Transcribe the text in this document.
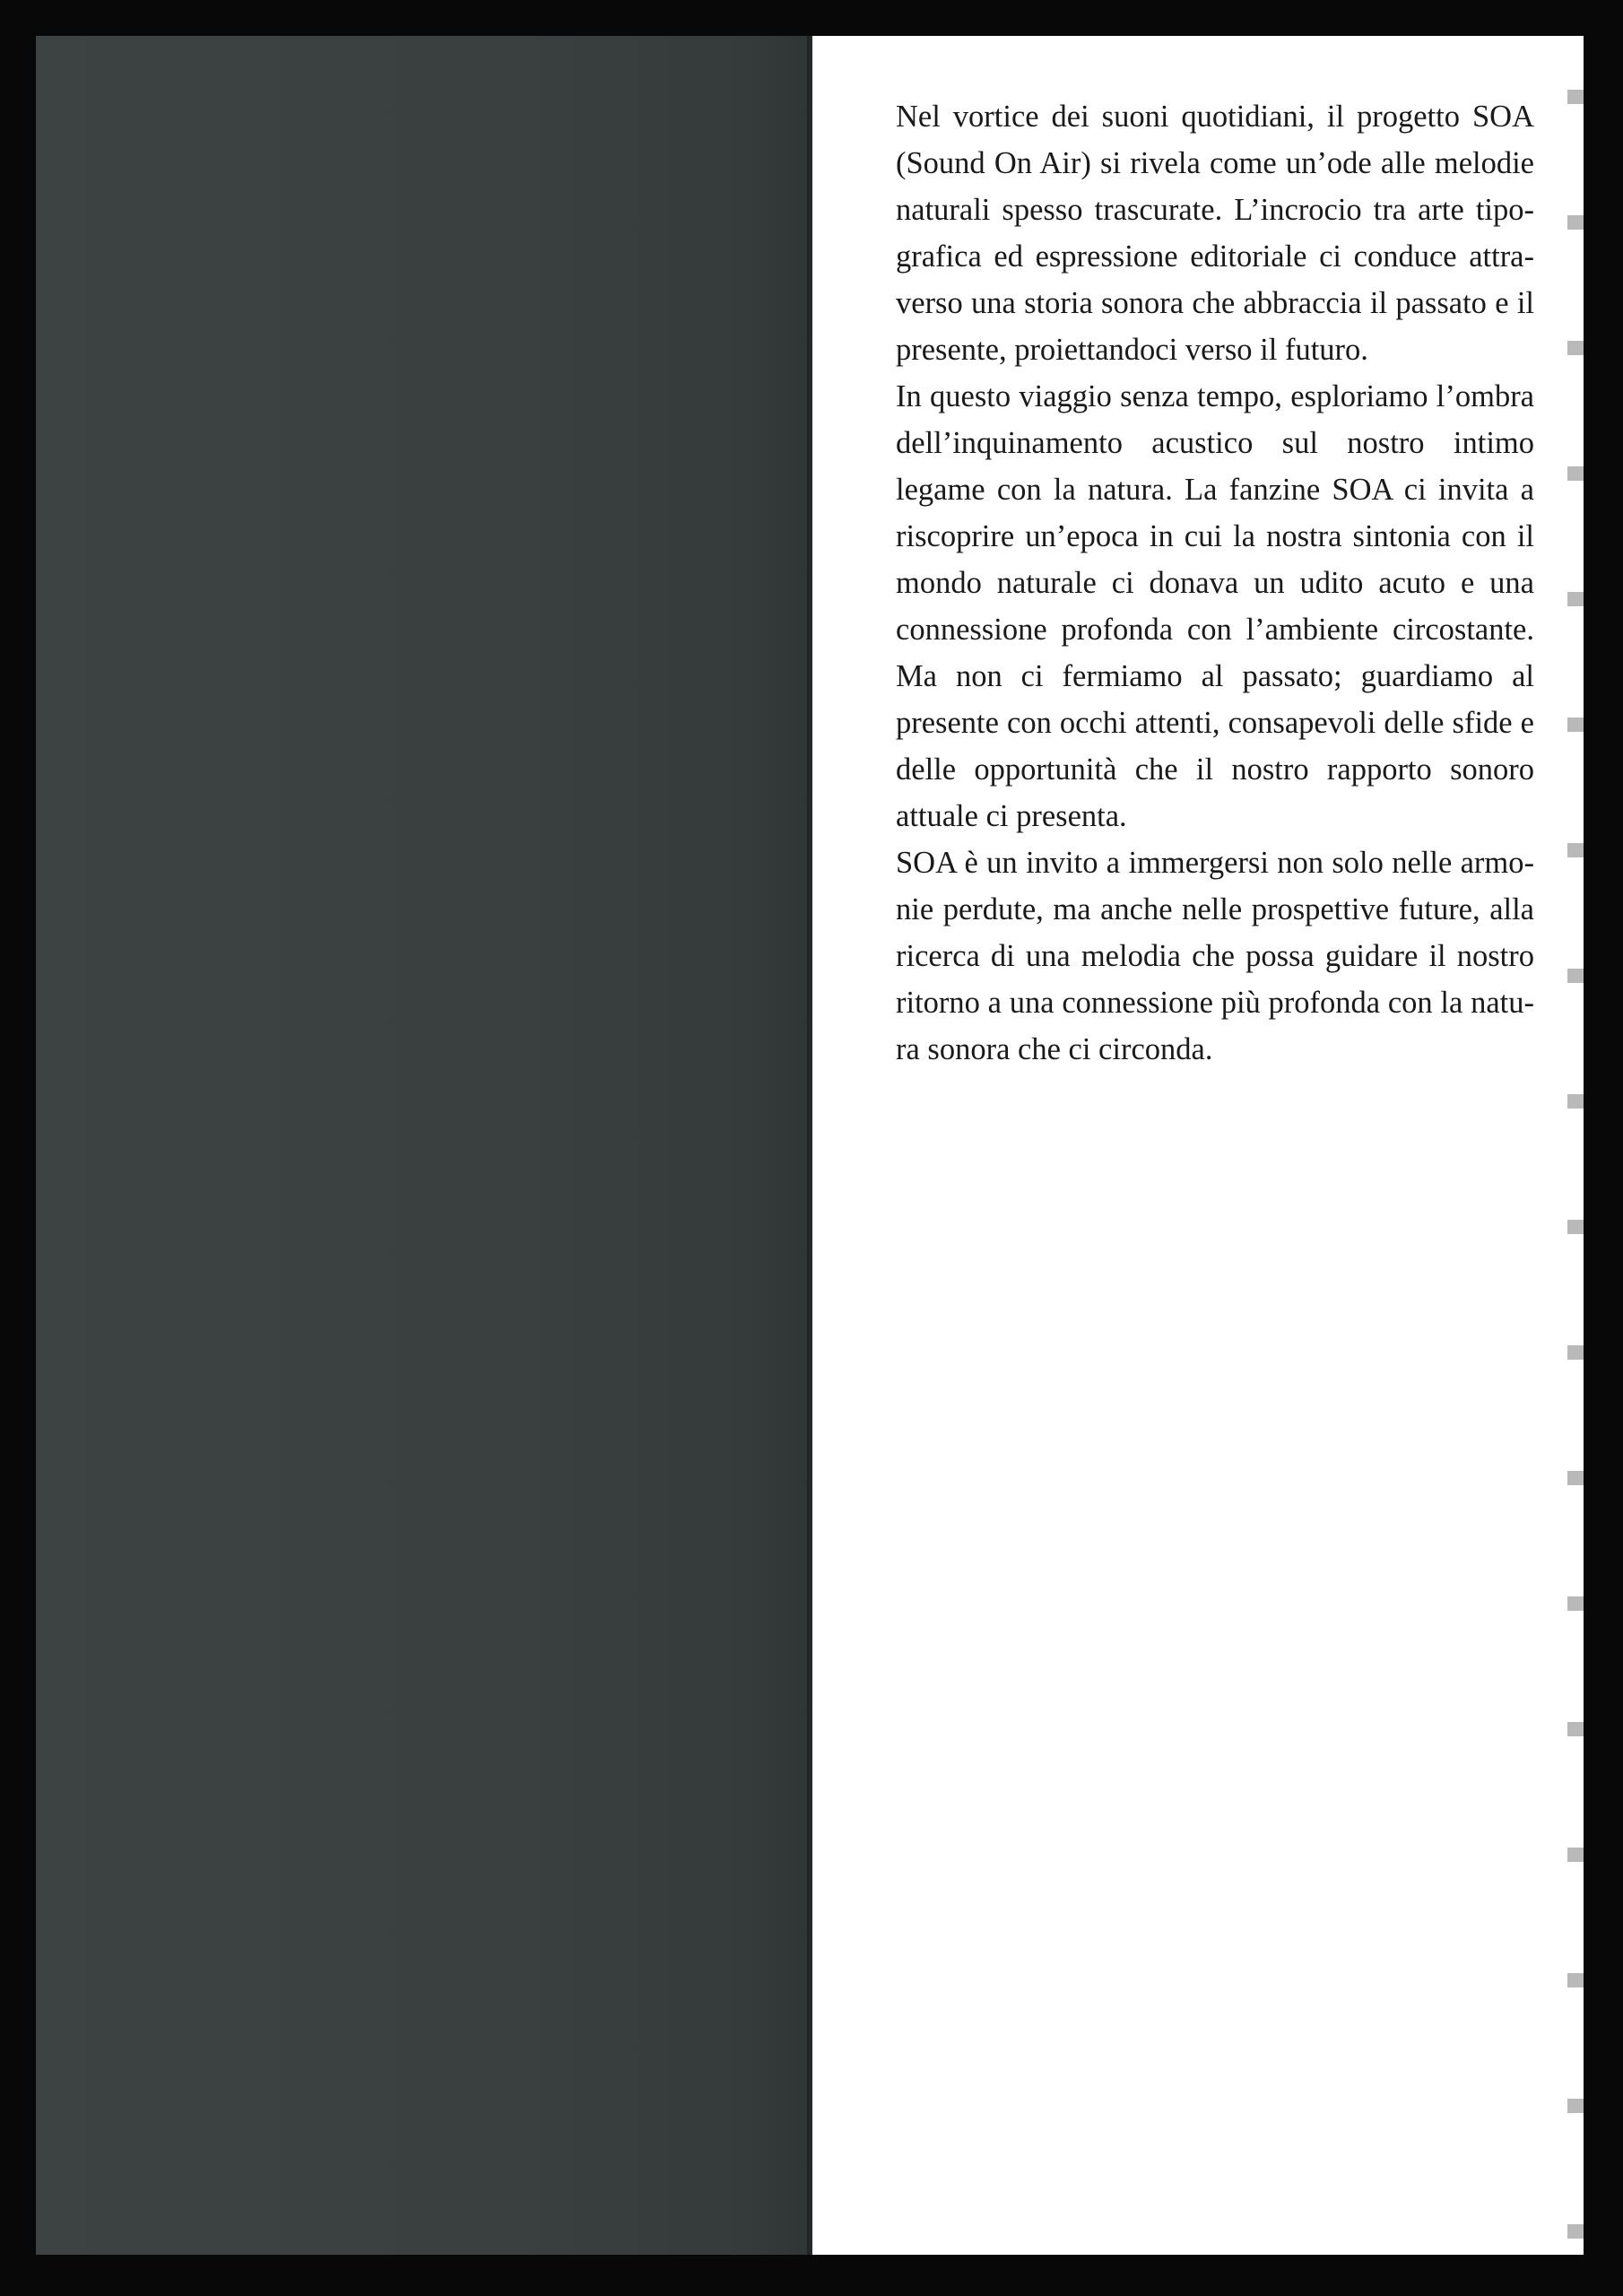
Nel vortice dei suoni quotidiani, il progetto SOA (Sound On Air) si rivela come un’ode alle melodie naturali spesso trascurate. L’incrocio tra arte tipografica ed espressione editoriale ci conduce attraverso una storia sonora che abbraccia il passato e il presente, proiettandoci verso il futuro.

In questo viaggio senza tempo, esploriamo l’ombra dell’inquinamento acustico sul nostro intimo legame con la natura. La fanzine SOA ci invita a riscoprire un’epoca in cui la nostra sintonia con il mondo naturale ci donava un udito acuto e una connessione profonda con l’ambiente circostante. Ma non ci fermiamo al passato; guardiamo al presente con occhi attenti, consapevoli delle sfide e delle opportunità che il nostro rapporto sonoro attuale ci presenta.

SOA è un invito a immergersi non solo nelle armonie perdute, ma anche nelle prospettive future, alla ricerca di una melodia che possa guidare il nostro ritorno a una connessione più profonda con la natura sonora che ci circonda.
